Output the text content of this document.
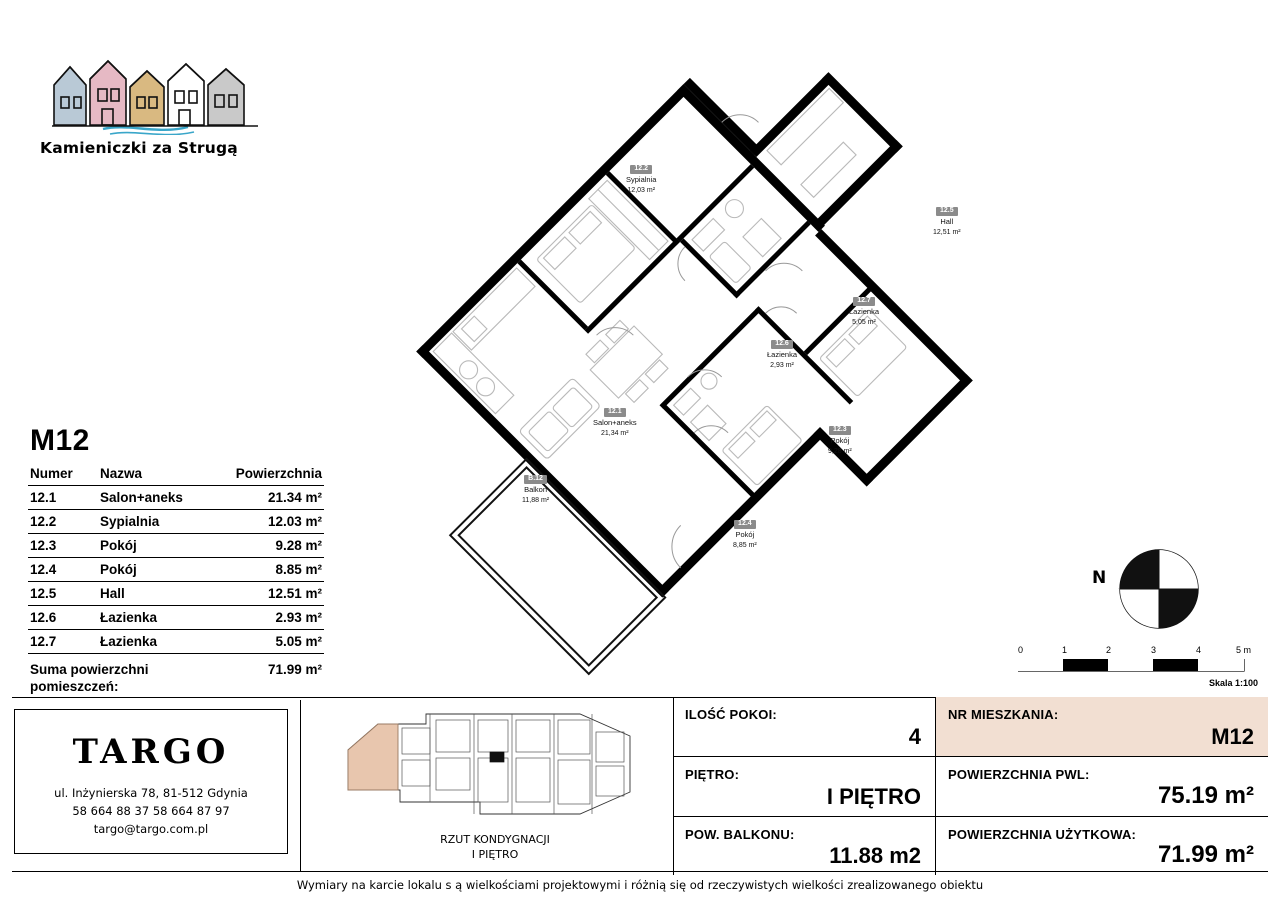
Kamieniczki za Strugą
M12
Numer	Nazwa	Powierzchnia
12.1	Salon+aneks	21.34 m²
12.2	Sypialnia	12.03 m²
12.3	Pokój	9.28 m²
12.4	Pokój	8.85 m²
12.5	Hall	12.51 m²
12.6	Łazienka	2.93 m²
12.7	Łazienka	5.05 m²

Suma powierzchni
pomieszczeń:		71.99 m²
12.2
Sypialnia
12,03 m²
12.5
Hall
12,51 m²
12.7
Łazienka
5,05 m²
12.6
Łazienka
2,93 m²
12.1
Salon+aneks
21,34 m²
12.3
Pokój
9,28 m²
B.12
Balkon
11,88 m²
12.4
Pokój
8,85 m²
N
0	1	2	3	4	5 m
Skala 1:100
TARGO
ul. Inżynierska 78, 81-512 Gdynia
58 664 88 37 58 664 87 97
targo@targo.com.pl
RZUT KONDYGNACJI
I PIĘTRO
ILOŚĆ POKOI:
4
NR MIESZKANIA:
M12
PIĘTRO:
I PIĘTRO
POWIERZCHNIA PWL:
75.19 m²
POW. BALKONU:
11.88 m2
POWIERZCHNIA UŻYTKOWA:
71.99 m²
Wymiary na karcie lokalu s ą wielkościami projektowymi i różnią się od rzeczywistych wielkości zrealizowanego obiektu
